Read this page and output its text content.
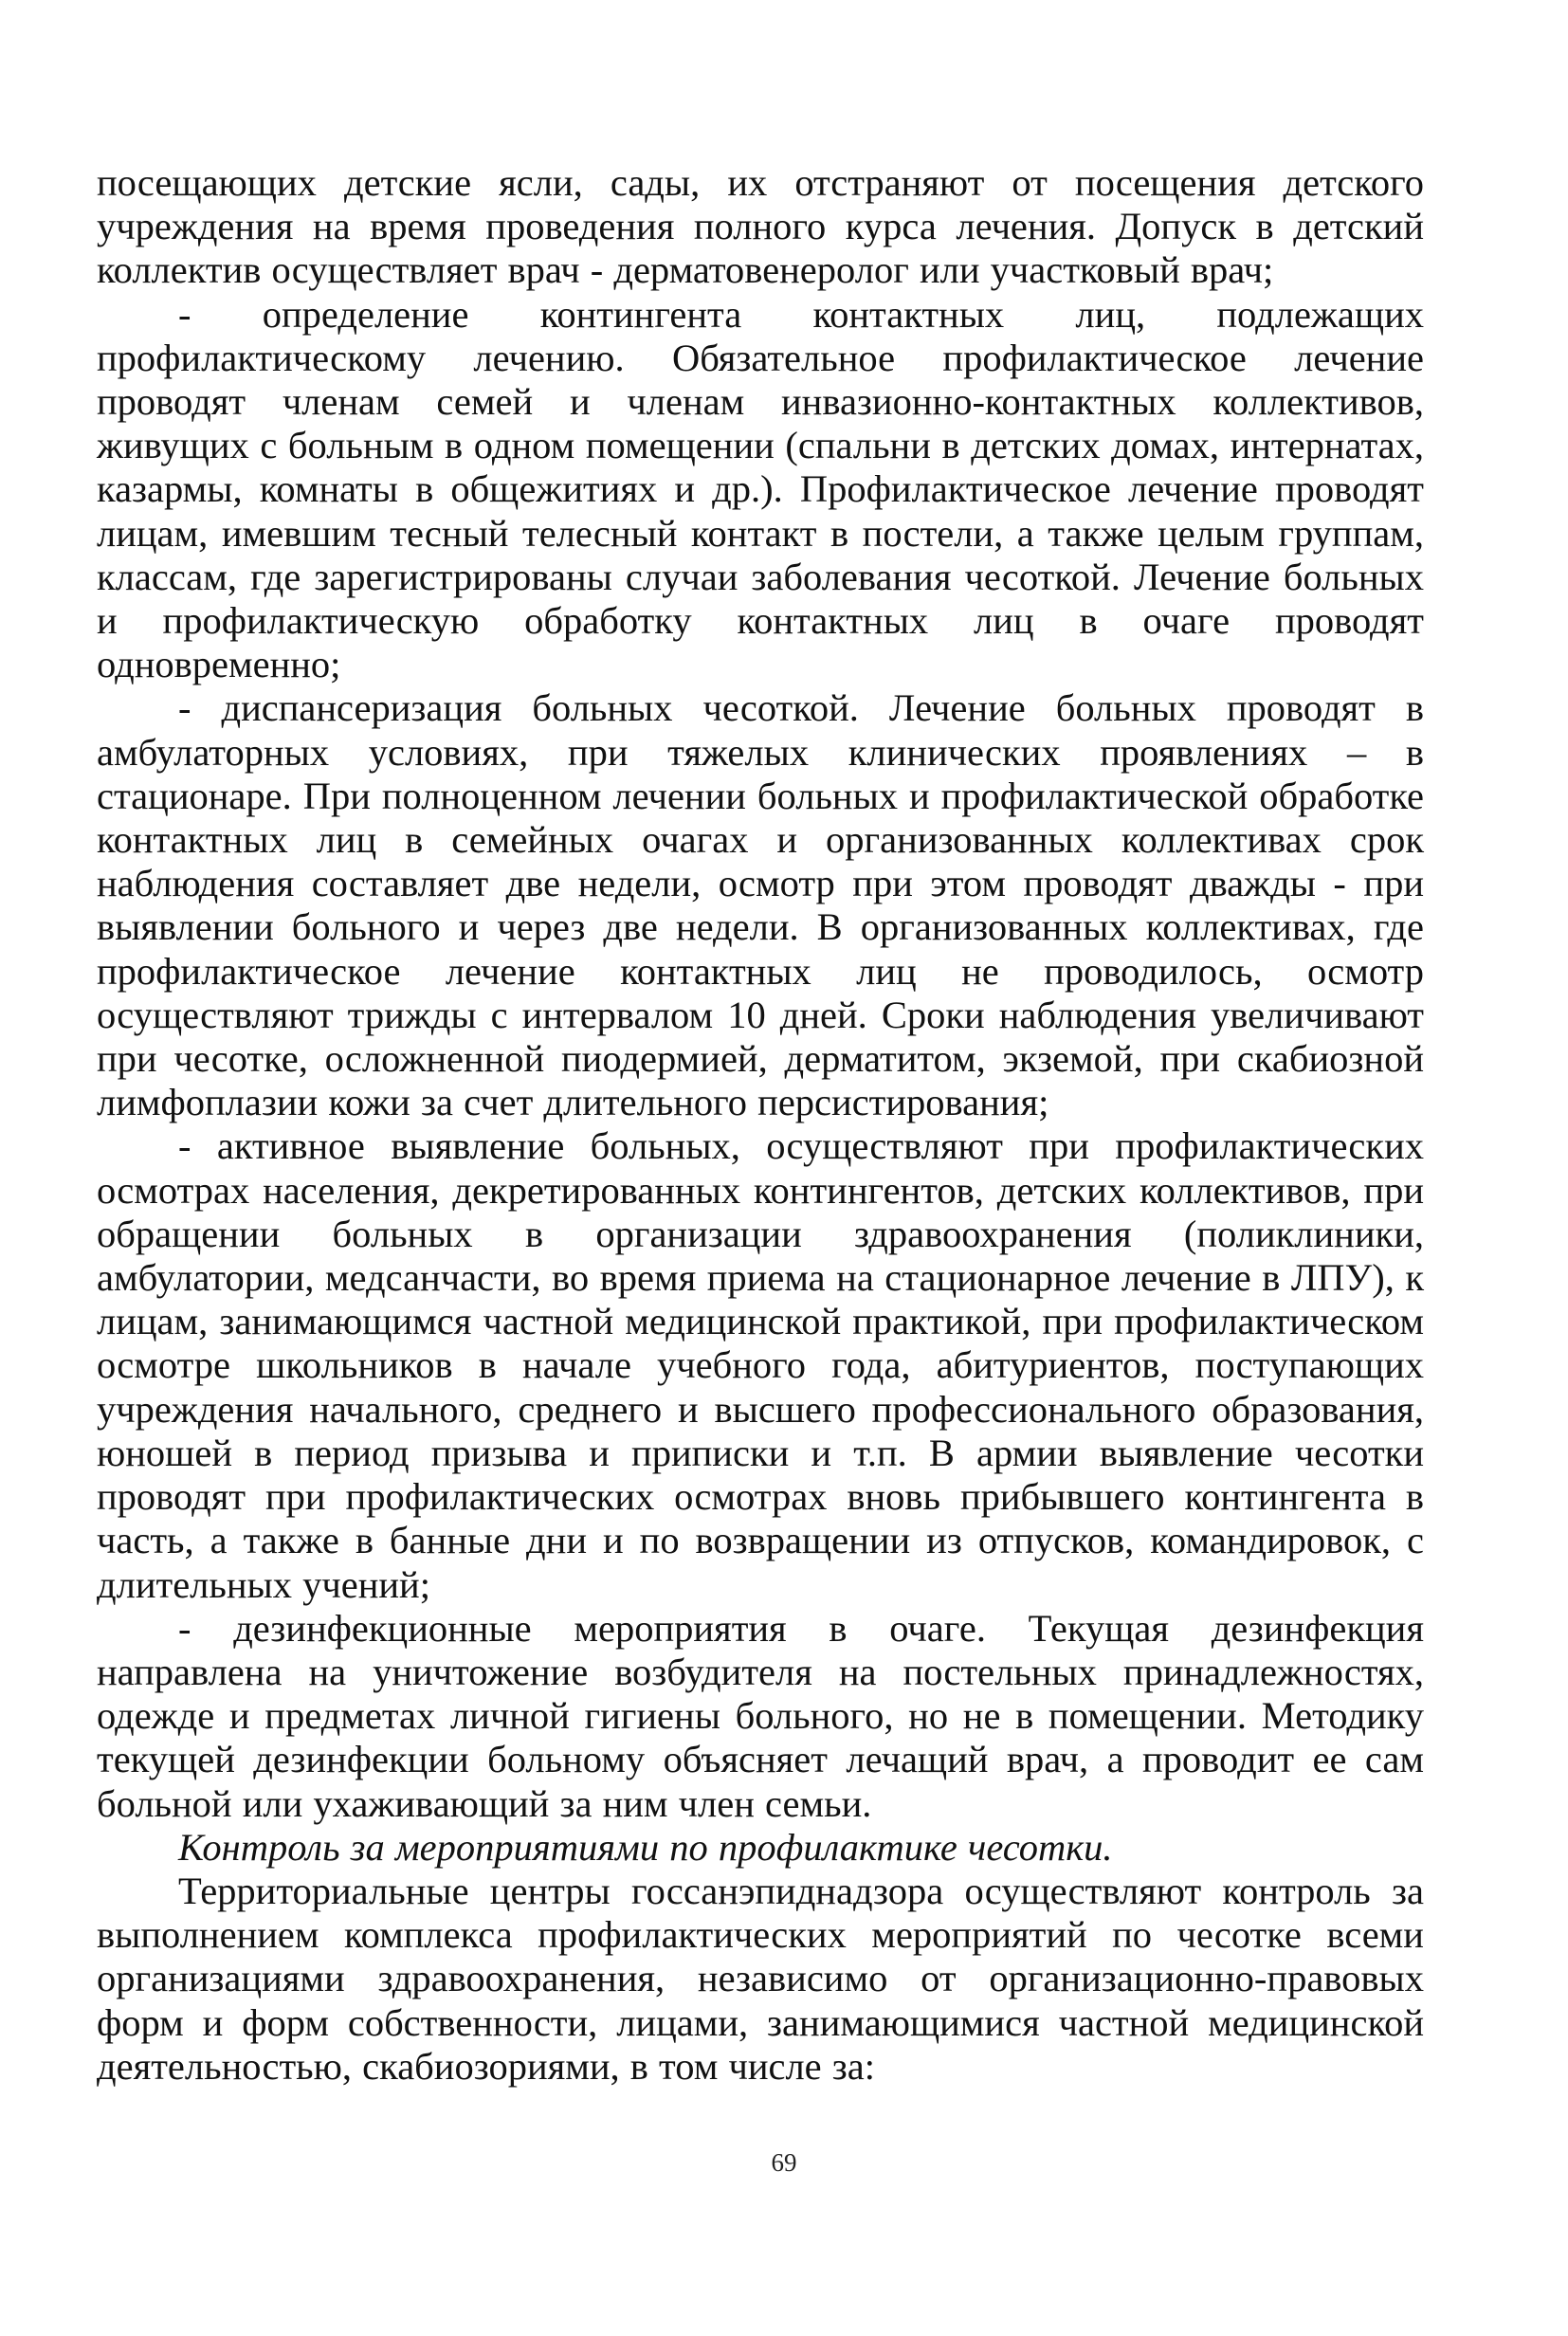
посещающих детские ясли, сады, их отстраняют от посещения детского учреждения на время проведения полного курса лечения. Допуск в детский коллектив осуществляет врач - дерматовенеролог или участковый врач;

- определение контингента контактных лиц, подлежащих профилактическому лечению. Обязательное профилактическое лечение проводят членам семей и членам инвазионно-контактных коллективов, живущих с больным в одном помещении (спальни в детских домах, интернатах, казармы, комнаты в общежитиях и др.). Профилактическое лечение проводят лицам, имевшим тесный телесный контакт в постели, а также целым группам, классам, где зарегистрированы случаи заболевания чесоткой. Лечение больных и профилактическую обработку контактных лиц в очаге проводят одновременно;

- диспансеризация больных чесоткой. Лечение больных проводят в амбулаторных условиях, при тяжелых клинических проявлениях – в стационаре. При полноценном лечении больных и профилактической обработке контактных лиц в семейных очагах и организованных коллективах срок наблюдения составляет две недели, осмотр при этом проводят дважды - при выявлении больного и через две недели. В организованных коллективах, где профилактическое лечение контактных лиц не проводилось, осмотр осуществляют трижды с интервалом 10 дней. Сроки наблюдения увеличивают при чесотке, осложненной пиодермией, дерматитом, экземой, при скабиозной лимфоплазии кожи за счет длительного персистирования;

- активное выявление больных, осуществляют при профилактических осмотрах населения, декретированных контингентов, детских коллективов, при обращении больных в организации здравоохранения (поликлиники, амбулатории, медсанчасти, во время приема на стационарное лечение в ЛПУ), к лицам, занимающимся частной медицинской практикой, при профилактическом осмотре школьников в начале учебного года, абитуриентов, поступающих учреждения начального, среднего и высшего профессионального образования, юношей в период призыва и приписки и т.п. В армии выявление чесотки проводят при профилактических осмотрах вновь прибывшего контингента в часть, а также в банные дни и по возвращении из отпусков, командировок, с длительных учений;

- дезинфекционные мероприятия в очаге. Текущая дезинфекция направлена на уничтожение возбудителя на постельных принадлежностях, одежде и предметах личной гигиены больного, но не в помещении. Методику текущей дезинфекции больному объясняет лечащий врач, а проводит ее сам больной или ухаживающий за ним член семьи.

Контроль за мероприятиями по профилактике чесотки.

Территориальные центры госсанэпиднадзора осуществляют контроль за выполнением комплекса профилактических мероприятий по чесотке всеми организациями здравоохранения, независимо от организационно-правовых форм и форм собственности, лицами, занимающимися частной медицинской деятельностью, скабиозориями, в том числе за:

69
